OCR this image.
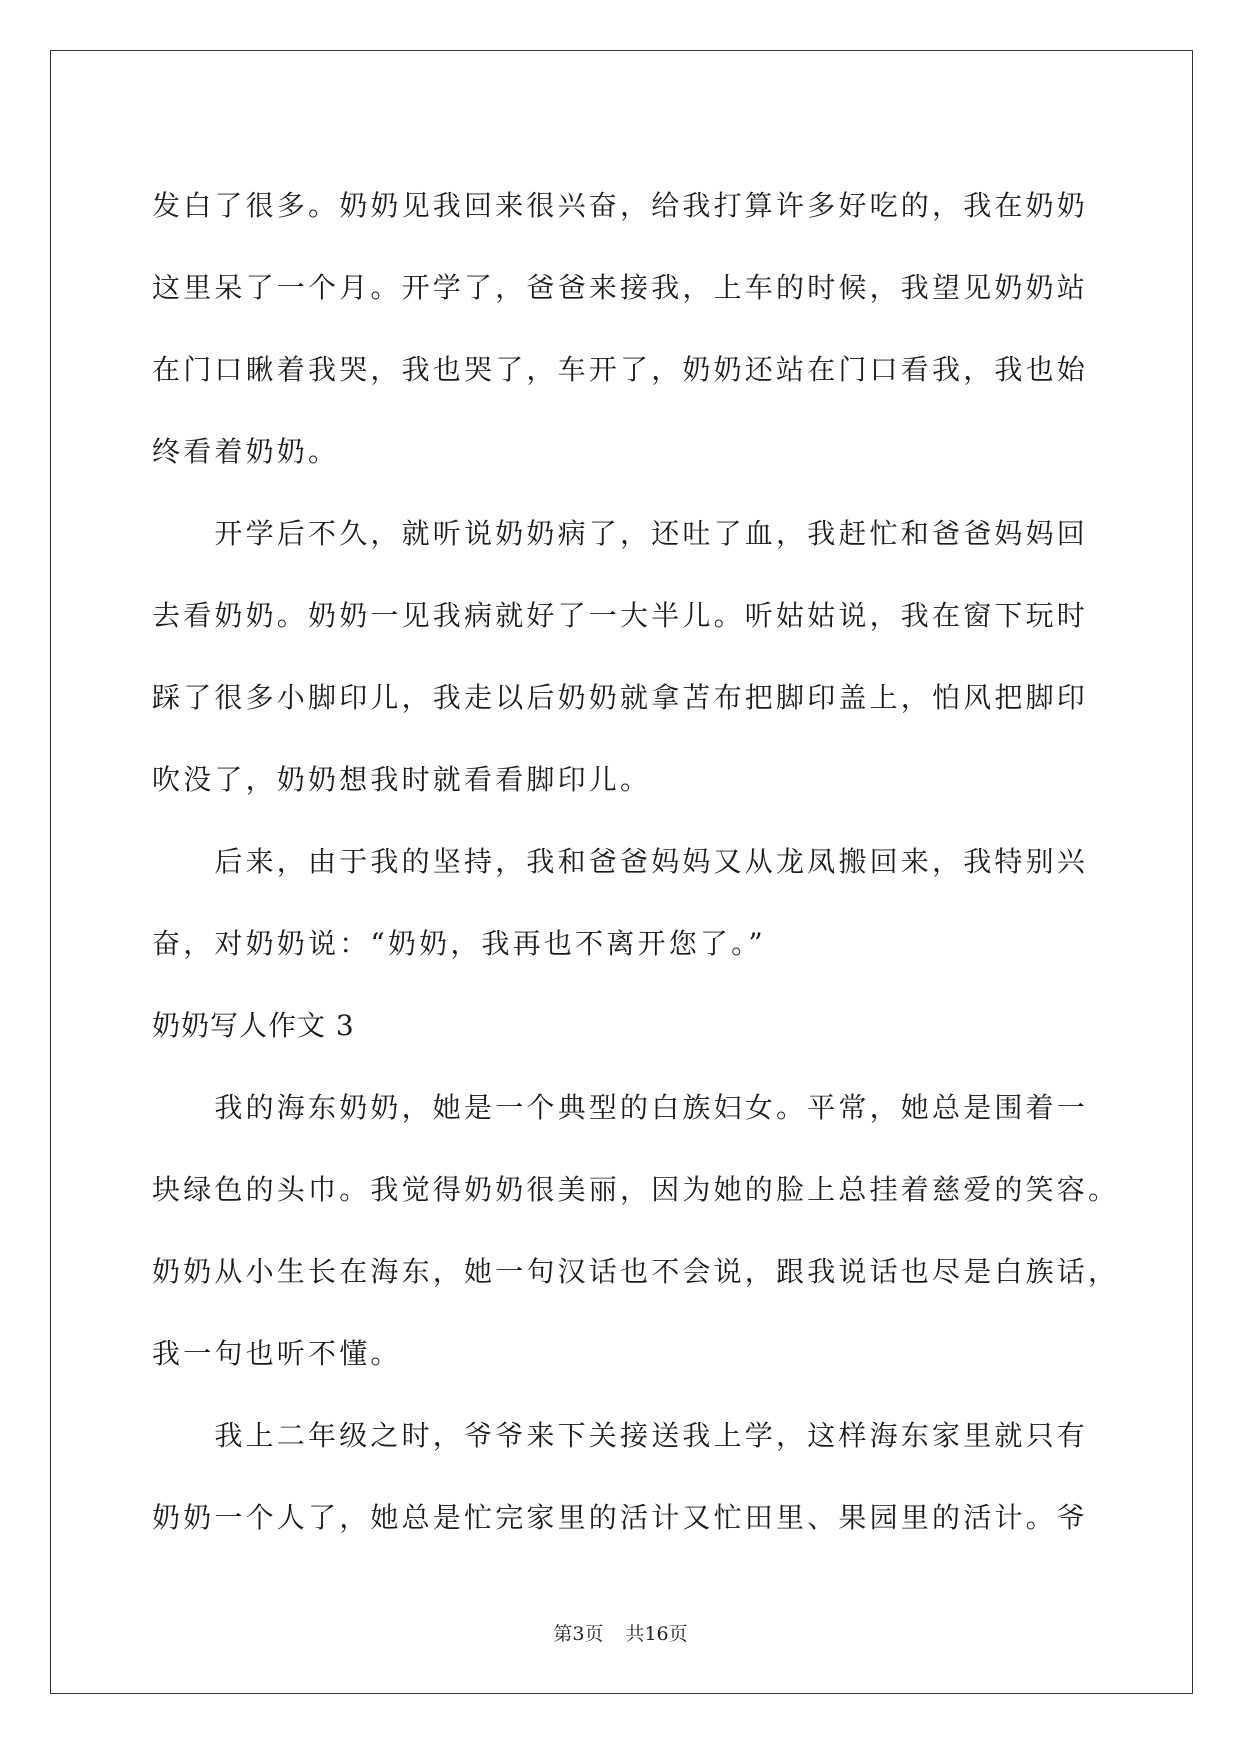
发白了很多。奶奶见我回来很兴奋，给我打算许多好吃的，我在奶奶
这里呆了一个月。开学了，爸爸来接我，上车的时候，我望见奶奶站
在门口瞅着我哭，我也哭了，车开了，奶奶还站在门口看我，我也始
终看着奶奶。
　　开学后不久，就听说奶奶病了，还吐了血，我赶忙和爸爸妈妈回
去看奶奶。奶奶一见我病就好了一大半儿。听姑姑说，我在窗下玩时
踩了很多小脚印儿，我走以后奶奶就拿苫布把脚印盖上，怕风把脚印
吹没了，奶奶想我时就看看脚印儿。
　　后来，由于我的坚持，我和爸爸妈妈又从龙凤搬回来，我特别兴
奋，对奶奶说：“奶奶，我再也不离开您了。”
奶奶写人作文 3
　　我的海东奶奶，她是一个典型的白族妇女。平常，她总是围着一
块绿色的头巾。我觉得奶奶很美丽，因为她的脸上总挂着慈爱的笑容。
奶奶从小生长在海东，她一句汉话也不会说，跟我说话也尽是白族话，
我一句也听不懂。
　　我上二年级之时，爷爷来下关接送我上学，这样海东家里就只有
奶奶一个人了，她总是忙完家里的活计又忙田里、果园里的活计。爷
第3页 共16页
